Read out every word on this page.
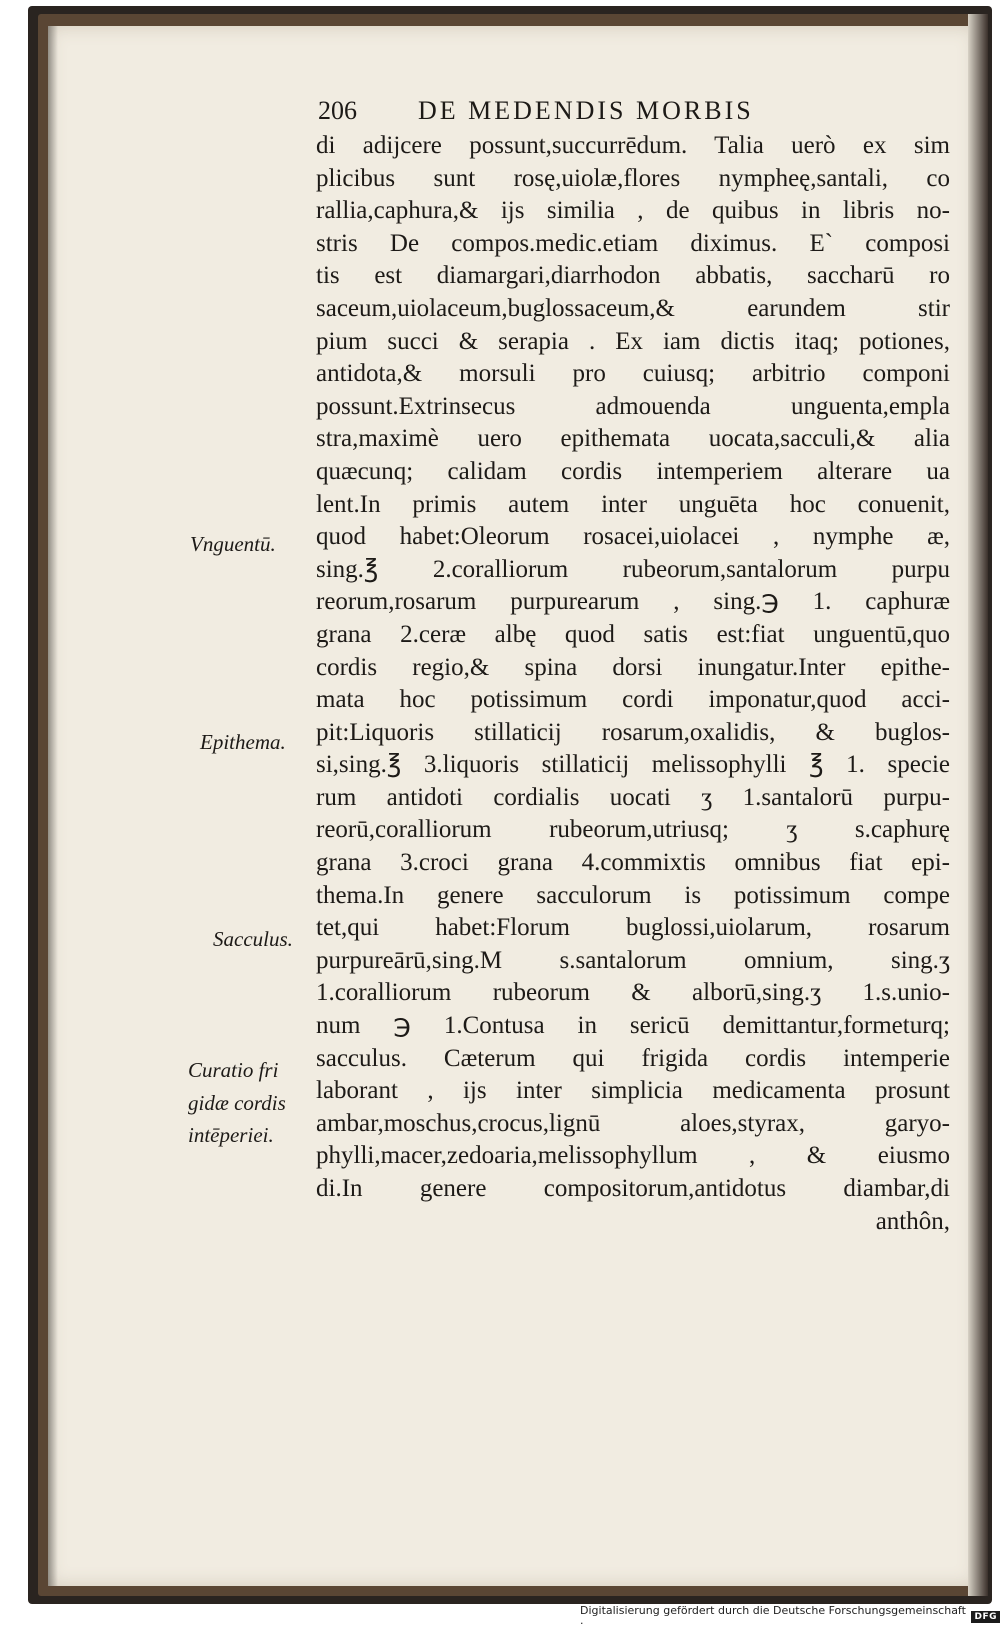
206 DE MEDENDIS MORBIS
di adijcere possunt,succurrēdum. Talia uerò ex sim
plicibus sunt rosę,uiolæ,flores nympheę,santali, co
rallia,caphura,& ijs similia , de quibus in libris no-
stris De compos.medic.etiam diximus. E` composi
tis est diamargari,diarrhodon abbatis, saccharū ro
saceum,uiolaceum,buglossaceum,& earundem stir
pium succi & serapia . Ex iam dictis itaq; potiones,
antidota,& morsuli pro cuiusq; arbitrio componi
possunt.Extrinsecus admouenda unguenta,empla
stra,maximè uero epithemata uocata,sacculi,& alia
quæcunq; calidam cordis intemperiem alterare ua
lent.In primis autem inter unguēta hoc conuenit,
quod habet:Oleorum rosacei,uiolacei , nymphe æ,
sing.℥ 2.coralliorum rubeorum,santalorum purpu
reorum,rosarum purpurearum , sing.℈ 1. caphuræ
grana 2.ceræ albę quod satis est:fiat unguentū,quo
cordis regio,& spina dorsi inungatur.Inter epithe-
mata hoc potissimum cordi imponatur,quod acci-
pit:Liquoris stillaticij rosarum,oxalidis, & buglos-
si,sing.℥ 3.liquoris stillaticij melissophylli ℥ 1. specie
rum antidoti cordialis uocati ʒ 1.santalorū purpu-
reorū,coralliorum rubeorum,utriusq; ʒ s.caphurę
grana 3.croci grana 4.commixtis omnibus fiat epi-
thema.In genere sacculorum is potissimum compe
tet,qui habet:Florum buglossi,uiolarum, rosarum
purpureārū,sing.M s.santalorum omnium, sing.ʒ
1.coralliorum rubeorum & alborū,sing.ʒ 1.s.unio-
num ℈ 1.Contusa in sericū demittantur,formeturq;
sacculus. Cæterum qui frigida cordis intemperie
laborant , ijs inter simplicia medicamenta prosunt
ambar,moschus,crocus,lignū aloes,styrax, garyo-
phylli,macer,zedoaria,melissophyllum , & eiusmo
di.In genere compositorum,antidotus diambar,di
anthôn,
Vnguentū.
Epithema.
Sacculus.
Curatio fri
gidæ cordis
intēperiei.
Digitalisierung gefördert durch die Deutsche Forschungsgemeinschaft ·	DFG
